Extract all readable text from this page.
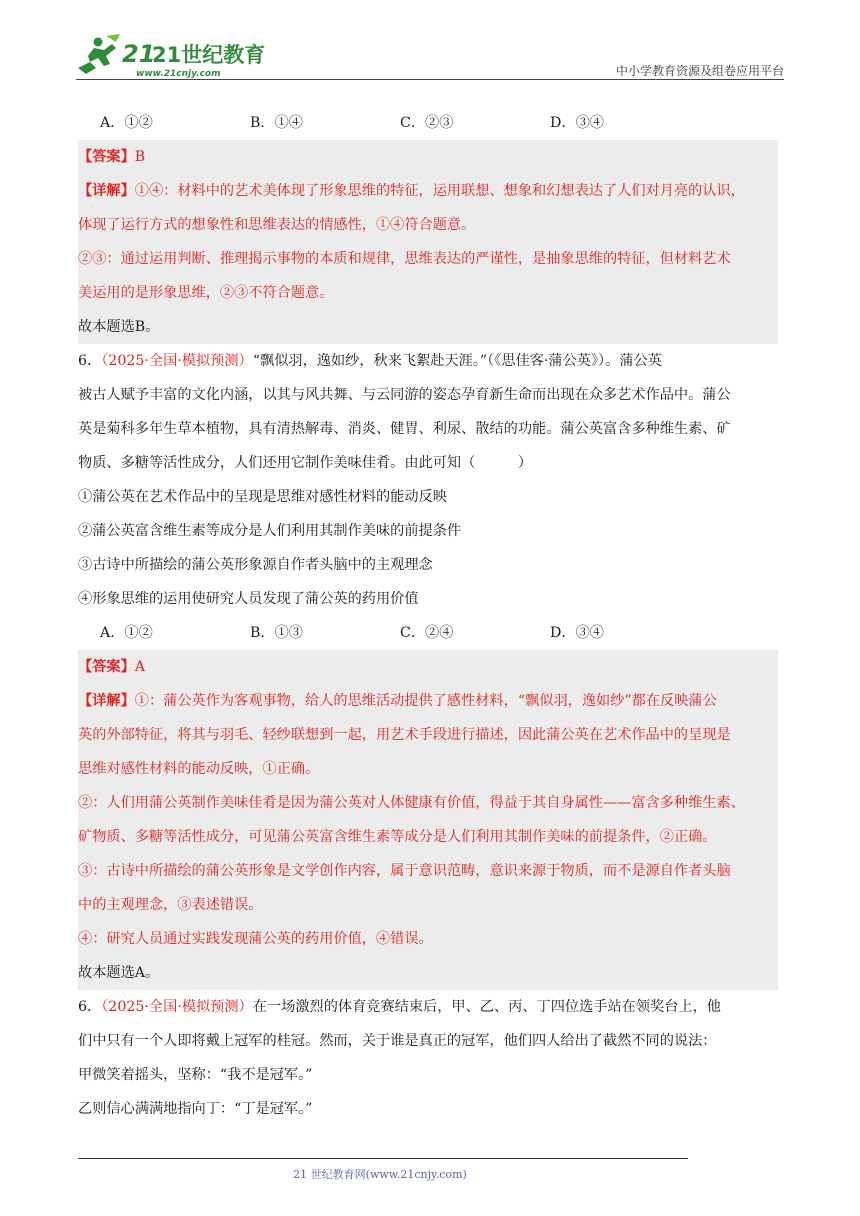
21
21世纪教育
www.21cnjy.com	中小学教育资源及组卷应用平台
A．①②	B．①④	C．②③	D．③④
【答案】B
【详解】①④：材料中的艺术美体现了形象思维的特征，运用联想、想象和幻想表达了人们对月亮的认识，
体现了运行方式的想象性和思维表达的情感性，①④符合题意。
②③：通过运用判断、推理揭示事物的本质和规律，思维表达的严谨性，是抽象思维的特征，但材料艺术
美运用的是形象思维，②③不符合题意。
故本题选B。
6．（2025·全国·模拟预测）“飘似羽，逸如纱，秋来飞絮赴天涯。”（《思佳客·蒲公英》）。蒲公英
被古人赋予丰富的文化内涵，以其与风共舞、与云同游的姿态孕育新生命而出现在众多艺术作品中。蒲公
英是菊科多年生草本植物，具有清热解毒、消炎、健胃、利尿、散结的功能。蒲公英富含多种维生素、矿
物质、多糖等活性成分，人们还用它制作美味佳肴。由此可知（　　　）
①蒲公英在艺术作品中的呈现是思维对感性材料的能动反映
②蒲公英富含维生素等成分是人们利用其制作美味的前提条件
③古诗中所描绘的蒲公英形象源自作者头脑中的主观理念
④形象思维的运用使研究人员发现了蒲公英的药用价值
A．①②	B．①③	C．②④	D．③④
【答案】A
【详解】①：蒲公英作为客观事物，给人的思维活动提供了感性材料，“飘似羽，逸如纱”都在反映蒲公
英的外部特征，将其与羽毛、轻纱联想到一起，用艺术手段进行描述，因此蒲公英在艺术作品中的呈现是
思维对感性材料的能动反映，①正确。
②：人们用蒲公英制作美味佳肴是因为蒲公英对人体健康有价值，得益于其自身属性——富含多种维生素、
矿物质、多糖等活性成分，可见蒲公英富含维生素等成分是人们利用其制作美味的前提条件，②正确。
③：古诗中所描绘的蒲公英形象是文学创作内容，属于意识范畴，意识来源于物质，而不是源自作者头脑
中的主观理念，③表述错误。
④：研究人员通过实践发现蒲公英的药用价值，④错误。
故本题选A。
6．（2025·全国·模拟预测）在一场激烈的体育竞赛结束后，甲、乙、丙、丁四位选手站在领奖台上，他
们中只有一个人即将戴上冠军的桂冠。然而，关于谁是真正的冠军，他们四人给出了截然不同的说法：
甲微笑着摇头，坚称：“我不是冠军。”
乙则信心满满地指向丁：“丁是冠军。”
21 世纪教育网(www.21cnjy.com)
